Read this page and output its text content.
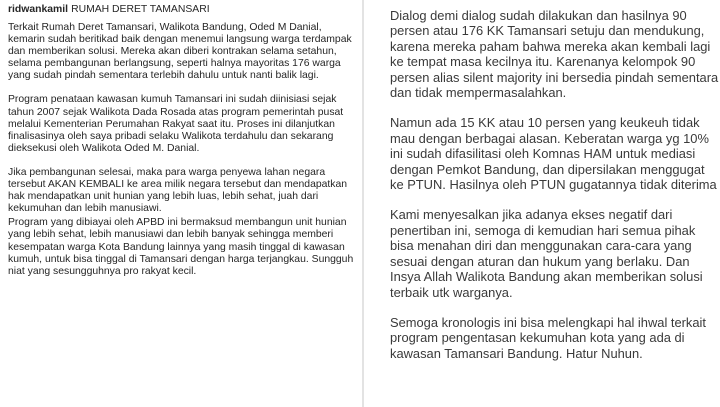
ridwankamil RUMAH DERET TAMANSARI

Terkait Rumah Deret Tamansari, Walikota Bandung, Oded M Danial, kemarin sudah beritikad baik dengan menemui langsung warga terdampak dan memberikan solusi. Mereka akan diberi kontrakan selama setahun, selama pembangunan berlangsung, seperti halnya mayoritas 176 warga yang sudah pindah sementara terlebih dahulu untuk nanti balik lagi.

Program penataan kawasan kumuh Tamansari ini sudah diinisiasi sejak tahun 2007 sejak Walikota Dada Rosada atas program pemerintah pusat melalui Kementerian Perumahan Rakyat saat itu. Proses ini dilanjutkan finalisasinya oleh saya pribadi selaku Walikota terdahulu dan sekarang dieksekusi oleh Walikota Oded M. Danial.

Jika pembangunan selesai, maka para warga penyewa lahan negara tersebut AKAN KEMBALI ke area milik negara tersebut dan mendapatkan hak mendapatkan unit hunian yang lebih luas, lebih sehat, juah dari kekumuhan dan lebih manusiawi.

Program yang dibiayai oleh APBD ini bermaksud membangun unit hunian yang lebih sehat, lebih manusiawi dan lebih banyak sehingga memberi kesempatan warga Kota Bandung lainnya yang masih tinggal di kawasan kumuh, untuk bisa tinggal di Tamansari dengan harga terjangkau. Sungguh niat yang sesungguhnya pro rakyat kecil.

Dialog demi dialog sudah dilakukan dan hasilnya 90 persen atau 176 KK Tamansari setuju dan mendukung, karena mereka paham bahwa mereka akan kembali lagi ke tempat masa kecilnya itu. Karenanya kelompok 90 persen alias silent majority ini bersedia pindah sementara dan tidak mempermasalahkan.

Namun ada 15 KK atau 10 persen yang keukeuh tidak mau dengan berbagai alasan. Keberatan warga yg 10% ini sudah difasilitasi oleh Komnas HAM untuk mediasi dengan Pemkot Bandung, dan dipersilakan menggugat ke PTUN. Hasilnya oleh PTUN gugatannya tidak diterima

Kami menyesalkan jika adanya ekses negatif dari penertiban ini, semoga di kemudian hari semua pihak bisa menahan diri dan menggunakan cara-cara yang sesuai dengan aturan dan hukum yang berlaku. Dan Insya Allah Walikota Bandung akan memberikan solusi terbaik utk warganya.

Semoga kronologis ini bisa melengkapi hal ihwal terkait program pengentasan kekumuhan kota yang ada di kawasan Tamansari Bandung. Hatur Nuhun.
